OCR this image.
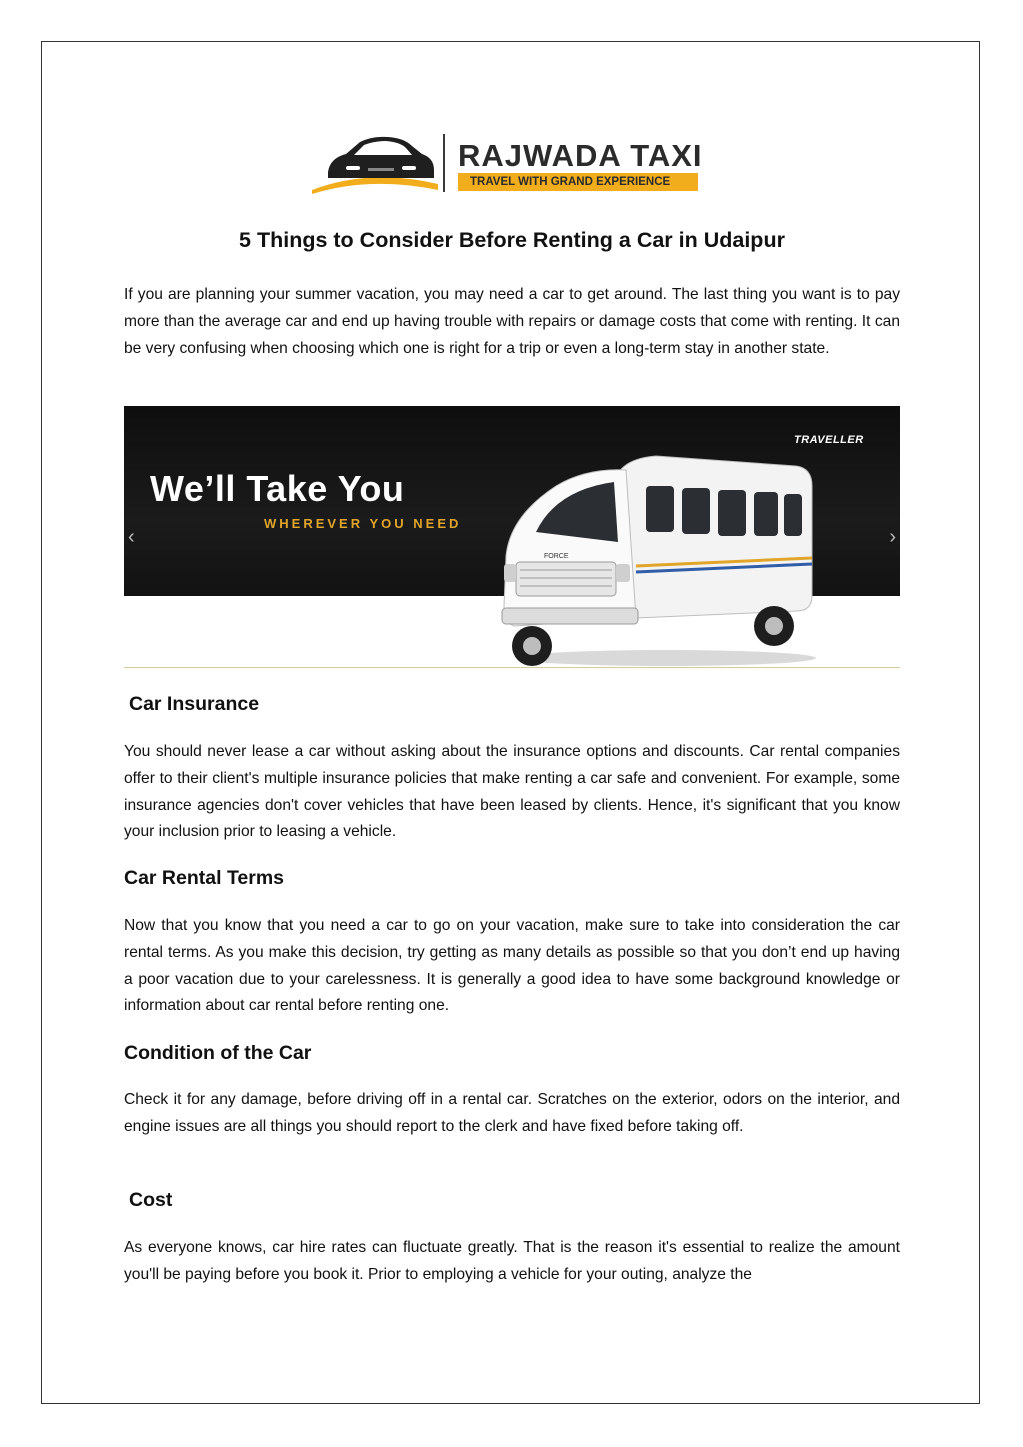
RAJWADA TAXI
TRAVEL WITH GRAND EXPERIENCE
5 Things to Consider Before Renting a Car in Udaipur

If you are planning your summer vacation, you may need a car to get around. The last thing you want is to pay more than the average car and end up having trouble with repairs or damage costs that come with renting. It can be very confusing when choosing which one is right for a trip or even a long-term stay in another state.

We’ll Take You
WHEREVER YOU NEED
TRAVELLER
‹	›
FORCE
Car Insurance

You should never lease a car without asking about the insurance options and discounts. Car rental companies offer to their client's multiple insurance policies that make renting a car safe and convenient. For example, some insurance agencies don't cover vehicles that have been leased by clients. Hence, it's significant that you know your inclusion prior to leasing a vehicle.

Car Rental Terms

Now that you know that you need a car to go on your vacation, make sure to take into consideration the car rental terms. As you make this decision, try getting as many details as possible so that you don’t end up having a poor vacation due to your carelessness. It is generally a good idea to have some background knowledge or information about car rental before renting one.

Condition of the Car

Check it for any damage, before driving off in a rental car. Scratches on the exterior, odors on the interior, and engine issues are all things you should report to the clerk and have fixed before taking off.

Cost

As everyone knows, car hire rates can fluctuate greatly. That is the reason it's essential to realize the amount you'll be paying before you book it. Prior to employing a vehicle for your outing, analyze the
